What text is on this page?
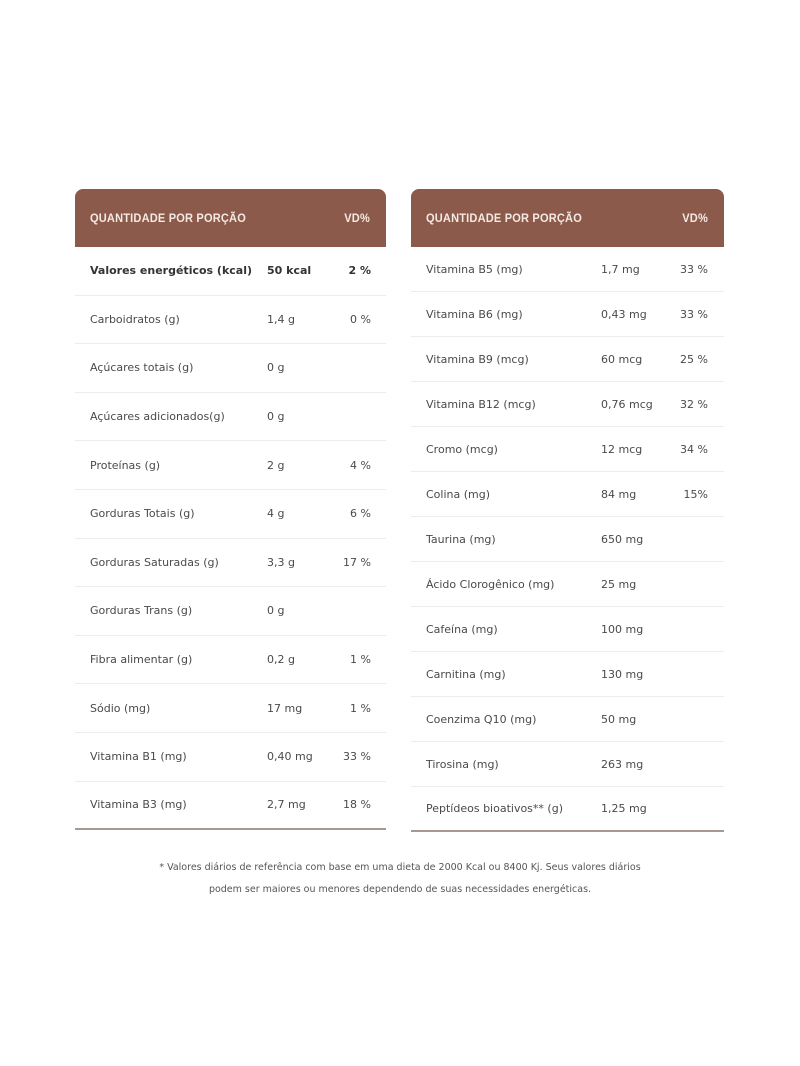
QUANTIDADE POR PORÇÃO	VD%
Valores energéticos (kcal)	50 kcal	2 %
Carboidratos (g)	1,4 g	0 %
Açúcares totais (g)	0 g
Açúcares adicionados(g)	0 g
Proteínas (g)	2 g	4 %
Gorduras Totais (g)	4 g	6 %
Gorduras Saturadas (g)	3,3 g	17 %
Gorduras Trans (g)	0 g
Fibra alimentar (g)	0,2 g	1 %
Sódio (mg)	17 mg	1 %
Vitamina B1 (mg)	0,40 mg	33 %
Vitamina B3 (mg)	2,7 mg	18 %
QUANTIDADE POR PORÇÃO	VD%
Vitamina B5 (mg)	1,7 mg	33 %
Vitamina B6 (mg)	0,43 mg	33 %
Vitamina B9 (mcg)	60 mcg	25 %
Vitamina B12 (mcg)	0,76 mcg	32 %
Cromo (mcg)	12 mcg	34 %
Colina (mg)	84 mg	15%
Taurina (mg)	650 mg
Ácido Clorogênico (mg)	25 mg
Cafeína (mg)	100 mg
Carnitina (mg)	130 mg
Coenzima Q10 (mg)	50 mg
Tirosina (mg)	263 mg
Peptídeos bioativos** (g)	1,25 mg
* Valores diários de referência com base em uma dieta de 2000 Kcal ou 8400 Kj. Seus valores diários
podem ser maiores ou menores dependendo de suas necessidades energéticas.
